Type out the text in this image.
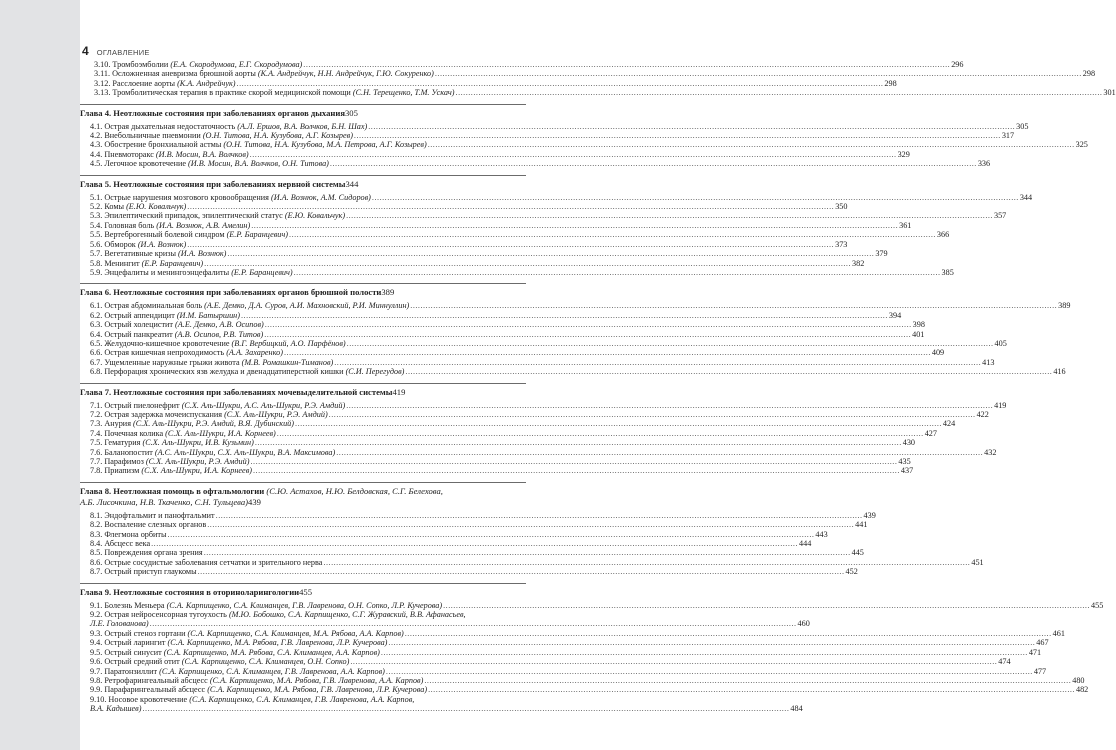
4 ОГЛАВЛЕНИЕ
3.10. Тромбоэмболии (Е.А. Скородумова, Е.Г. Скородумова) .....	296
3.11. Осложненная аневризма брюшной аорты (К.А. Андрейчук, Н.Н. Андрейчук, Г.Ю. Сокуренко) .....	298
3.12. Расслоение аорты (К.А. Андрейчук) .....	298
3.13. Тромболитическая терапия в практике скорой медицинской помощи (С.Н. Терещенко, Т.М. Ускач) .....	301
Глава 4. Неотложные состояния при заболеваниях органов дыхания 305
4.1. Острая дыхательная недостаточность (А.Л. Ершов, В.А. Волчков, Б.Н. Шах) .....	305
4.2. Внебольничные пневмонии (О.Н. Титова, Н.А. Кузубова, А.Г. Козырев) .....	317
4.3. Обострение бронхиальной астмы (О.Н. Титова, Н.А. Кузубова, М.А. Петрова, А.Г. Козырев) .....	325
4.4. Пневмоторакс (И.В. Мосин, В.А. Волчков) .....	329
4.5. Легочное кровотечение (И.В. Мосин, В.А. Волчков, О.Н. Титова) .....	336
Глава 5. Неотложные состояния при заболеваниях нервной системы 344
5.1. Острые нарушения мозгового кровообращения (И.А. Вознюк, А.М. Сидоров) .....	344
5.2. Комы (Е.Ю. Ковальчук) .....	350
5.3. Эпилептический припадок, эпилептический статус (Е.Ю. Ковальчук) .....	357
5.4. Головная боль (И.А. Вознюк, А.В. Амелин) .....	361
5.5. Вертеброгенный болевой синдром (Е.Р. Баранцевич) .....	366
5.6. Обморок (И.А. Вознюк) .....	373
5.7. Вегетативные кризы (И.А. Вознюк) .....	379
5.8. Менингит (Е.Р. Баранцевич) .....	382
5.9. Энцефалиты и менингоэнцефалиты (Е.Р. Баранцевич) .....	385
Глава 6. Неотложные состояния при заболеваниях органов брюшной полости 389
6.1. Острая абдоминальная боль (А.Е. Демко, Д.А. Суров, А.И. Махновский, Р.И. Миннуллин) .....	389
6.2. Острый аппендицит (И.М. Батыршин) .....	394
6.3. Острый холецистит (А.Е. Демко, А.В. Осипов) .....	398
6.4. Острый панкреатит (А.В. Осипов, Р.В. Титов) .....	401
6.5. Желудочно-кишечное кровотечение (В.Г. Вербицкий, А.О. Парфёнов) .....	405
6.6. Острая кишечная непроходимость (А.А. Захаренко) .....	409
6.7. Ущемленные наружные грыжи живота (М.В. Ромашкин-Тиманов) .....	413
6.8. Перфорация хронических язв желудка и двенадцатиперстной кишки (С.И. Перегудов) .....	416
Глава 7. Неотложные состояния при заболеваниях мочевыделительной системы 419
7.1. Острый пиелонефрит (С.Х. Аль-Шукри, А.С. Аль-Шукри, Р.Э. Амдий) .....	419
7.2. Острая задержка мочеиспускания (С.Х. Аль-Шукри, Р.Э. Амдий) .....	422
7.3. Анурия (С.Х. Аль-Шукри, Р.Э. Амдий, В.Я. Дубинский) .....	424
7.4. Почечная колика (С.Х. Аль-Шукри, И.А. Корнеев) .....	427
7.5. Гематурия (С.Х. Аль-Шукри, И.В. Кузьмин) .....	430
7.6. Баланопостит (А.С. Аль-Шукри, С.Х. Аль-Шукри, В.А. Максимова) .....	432
7.7. Парафимоз (С.Х. Аль-Шукри, Р.Э. Амдий) .....	435
7.8. Приапизм (С.Х. Аль-Шукри, И.А. Корнеев) .....	437
Глава 8. Неотложная помощь в офтальмологии (С.Ю. Астахов, Н.Ю. Белдовская, С.Г. Белехова,
А.Б. Лисочкина, Н.В. Ткаченко, С.Н. Тульцева) 439
8.1. Эндофтальмит и панофтальмит .....	439
8.2. Воспаление слезных органов .....	441
8.3. Флегмона орбиты .....	443
8.4. Абсцесс века .....	444
8.5. Повреждения органа зрения .....	445
8.6. Острые сосудистые заболевания сетчатки и зрительного нерва .....	451
8.7. Острый приступ глаукомы .....	452
Глава 9. Неотложные состояния в оториноларингологии 455
9.1. Болезнь Меньера (С.А. Карпищенко, С.А. Климанцев, Г.В. Лавренова, О.Н. Сопко, Л.Р. Кучерова) .....	455
9.2. Острая нейросенсорная тугоухость (М.Ю. Бобошко, С.А. Карпищенко, С.Г. Журавский, В.В. Афанасьев,
Л.Е. Голованова) .....	460
9.3. Острый стеноз гортани (С.А. Карпищенко, С.А. Климанцев, М.А. Рябова, А.А. Карпов) .....	461
9.4. Острый ларингит (С.А. Карпищенко, М.А. Рябова, Г.В. Лавренова, Л.Р. Кучерова) .....	467
9.5. Острый синусит (С.А. Карпищенко, М.А. Рябова, С.А. Климанцев, А.А. Карпов) .....	471
9.6. Острый средний отит (С.А. Карпищенко, С.А. Климанцев, О.Н. Сопко) .....	474
9.7. Паратонзиллит (С.А. Карпищенко, С.А. Климанцев, Г.В. Лавренова, А.А. Карпов) .....	477
9.8. Ретрофарингеальный абсцесс (С.А. Карпищенко, М.А. Рябова, Г.В. Лавренова, А.А. Карпов) .....	480
9.9. Парафарингеальный абсцесс (С.А. Карпищенко, М.А. Рябова, Г.В. Лавренова, Л.Р. Кучерова) .....	482
9.10. Носовое кровотечение (С.А. Карпищенко, С.А. Климанцев, Г.В. Лавренова, А.А. Карпов,
В.А. Кадышев) .....	484
